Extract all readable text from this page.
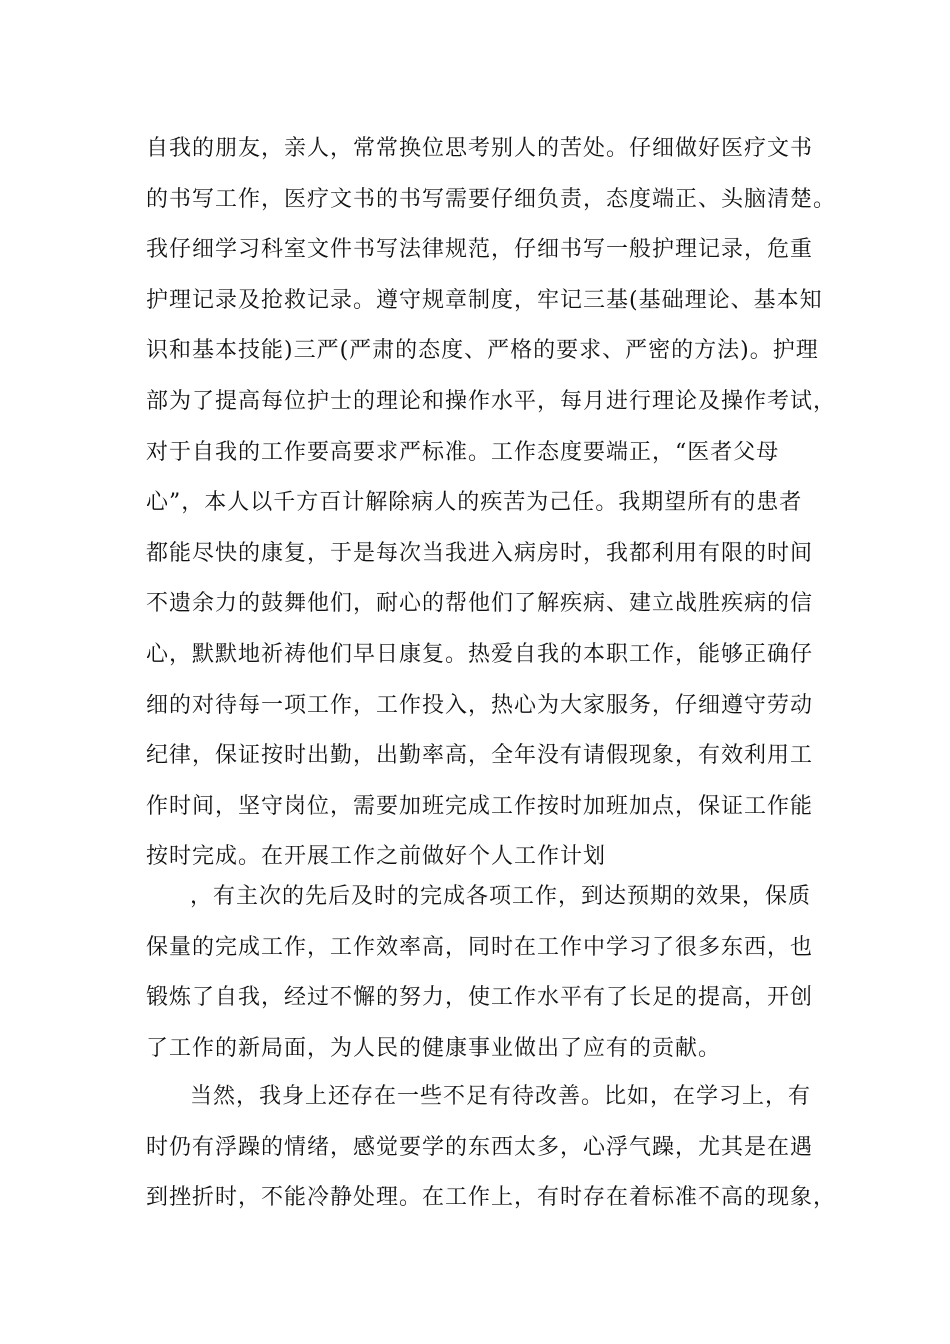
自我的朋友，亲人，常常换位思考别人的苦处。仔细做好医疗文书
的书写工作，医疗文书的书写需要仔细负责，态度端正、头脑清楚。
我仔细学习科室文件书写法律规范，仔细书写一般护理记录，危重
护理记录及抢救记录。遵守规章制度，牢记三基(基础理论、基本知
识和基本技能)三严(严肃的态度、严格的要求、严密的方法)。护理
部为了提高每位护士的理论和操作水平，每月进行理论及操作考试，
对于自我的工作要高要求严标准。工作态度要端正，“医者父母
心”，本人以千方百计解除病人的疾苦为己任。我期望所有的患者
都能尽快的康复，于是每次当我进入病房时，我都利用有限的时间
不遗余力的鼓舞他们，耐心的帮他们了解疾病、建立战胜疾病的信
心，默默地祈祷他们早日康复。热爱自我的本职工作，能够正确仔
细的对待每一项工作，工作投入，热心为大家服务，仔细遵守劳动
纪律，保证按时出勤，出勤率高，全年没有请假现象，有效利用工
作时间，坚守岗位，需要加班完成工作按时加班加点，保证工作能
按时完成。在开展工作之前做好个人工作计划
，有主次的先后及时的完成各项工作，到达预期的效果，保质
保量的完成工作，工作效率高，同时在工作中学习了很多东西，也
锻炼了自我，经过不懈的努力，使工作水平有了长足的提高，开创
了工作的新局面，为人民的健康事业做出了应有的贡献。
当然，我身上还存在一些不足有待改善。比如，在学习上，有
时仍有浮躁的情绪，感觉要学的东西太多，心浮气躁，尤其是在遇
到挫折时，不能冷静处理。在工作上，有时存在着标准不高的现象，
